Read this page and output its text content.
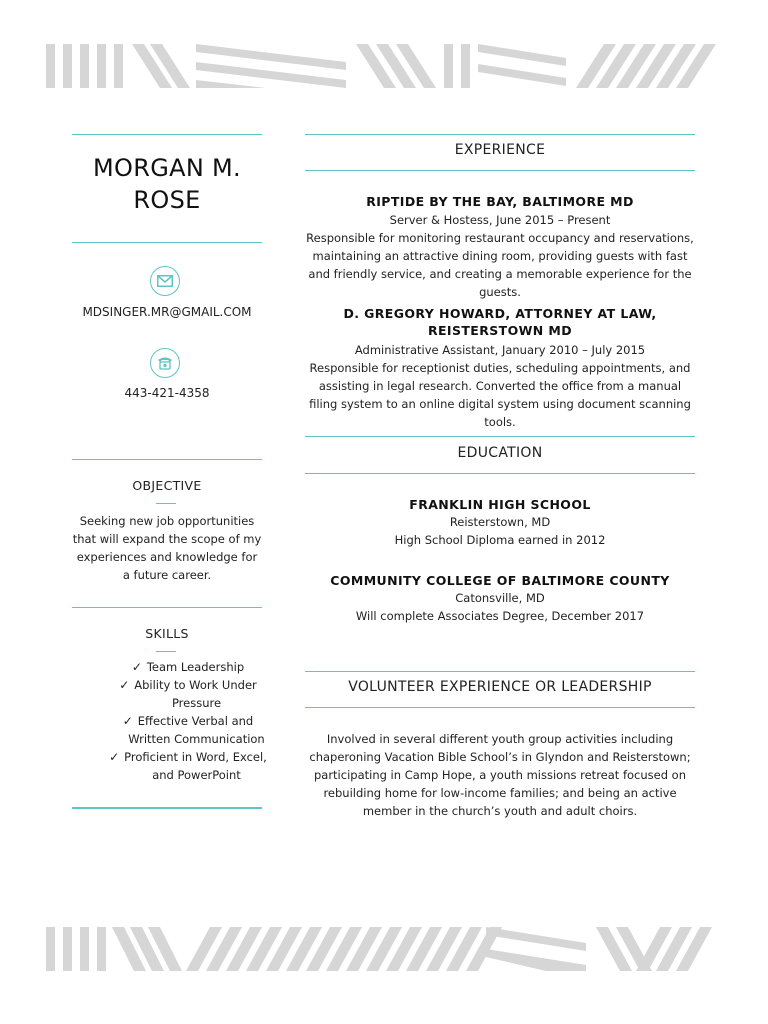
MORGAN M. ROSE
MDSINGER.MR@GMAIL.COM
443-421-4358
OBJECTIVE
Seeking new job opportunities that will expand the scope of my experiences and knowledge for a future career.
SKILLS
✓ Team Leadership
✓ Ability to Work Under Pressure
✓ Effective Verbal and Written Communication
✓ Proficient in Word, Excel, and PowerPoint
EXPERIENCE
RIPTIDE BY THE BAY, BALTIMORE MD
Server & Hostess, June 2015 – Present
Responsible for monitoring restaurant occupancy and reservations, maintaining an attractive dining room, providing guests with fast and friendly service, and creating a memorable experience for the guests.
D. GREGORY HOWARD, ATTORNEY AT LAW, REISTERSTOWN MD
Administrative Assistant, January 2010 – July 2015
Responsible for receptionist duties, scheduling appointments, and assisting in legal research. Converted the office from a manual filing system to an online digital system using document scanning tools.
EDUCATION
FRANKLIN HIGH SCHOOL
Reisterstown, MD
High School Diploma earned in 2012
COMMUNITY COLLEGE OF BALTIMORE COUNTY
Catonsville, MD
Will complete Associates Degree, December 2017
VOLUNTEER EXPERIENCE OR LEADERSHIP
Involved in several different youth group activities including chaperoning Vacation Bible School’s in Glyndon and Reisterstown; participating in Camp Hope, a youth missions retreat focused on rebuilding home for low-income families; and being an active member in the church’s youth and adult choirs.
